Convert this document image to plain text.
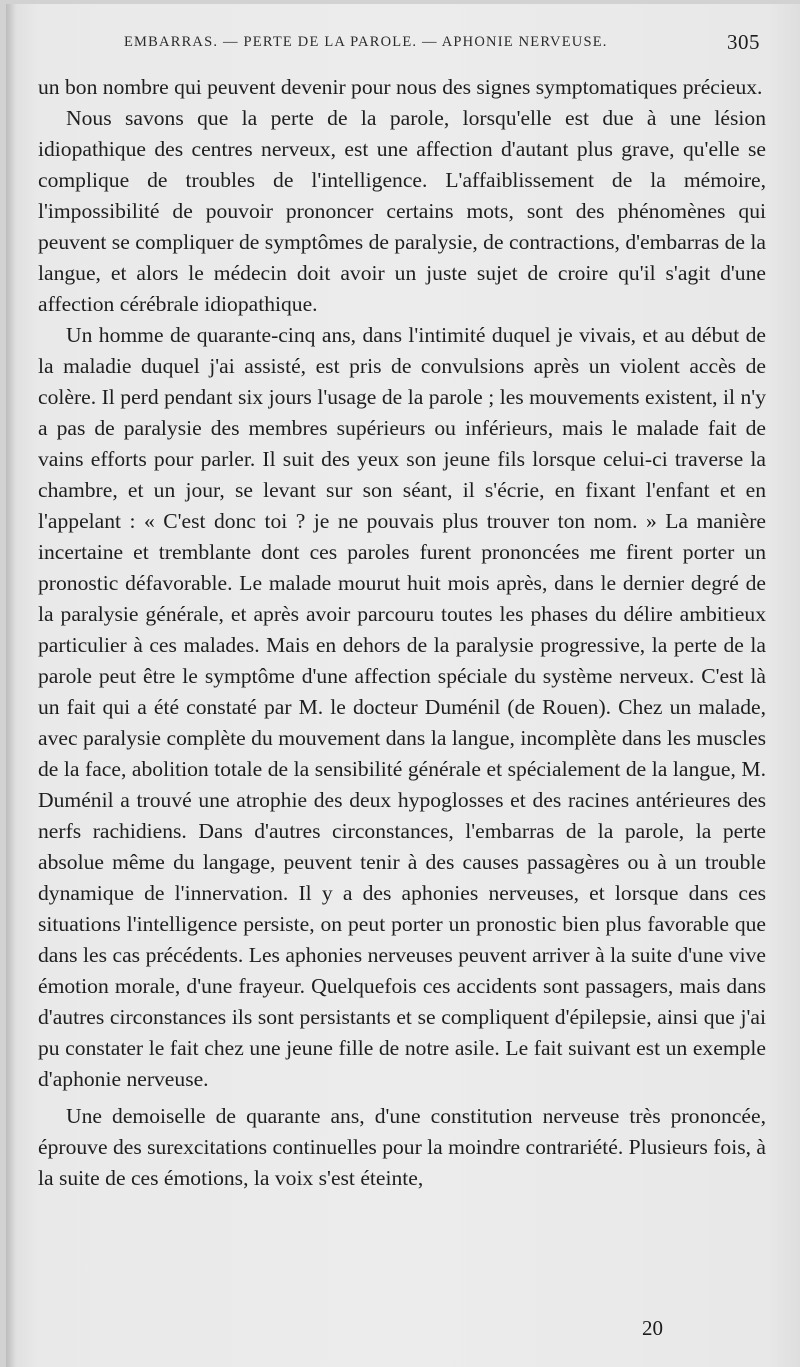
EMBARRAS. — PERTE DE LA PAROLE. — APHONIE NERVEUSE.	305

un bon nombre qui peuvent devenir pour nous des signes symptomatiques précieux.

Nous savons que la perte de la parole, lorsqu'elle est due à une lésion idiopathique des centres nerveux, est une affection d'autant plus grave, qu'elle se complique de troubles de l'intelligence. L'affaiblissement de la mémoire, l'impossibilité de pouvoir prononcer certains mots, sont des phénomènes qui peuvent se compliquer de symptômes de paralysie, de contractions, d'embarras de la langue, et alors le médecin doit avoir un juste sujet de croire qu'il s'agit d'une affection cérébrale idiopathique.

Un homme de quarante-cinq ans, dans l'intimité duquel je vivais, et au début de la maladie duquel j'ai assisté, est pris de convulsions après un violent accès de colère. Il perd pendant six jours l'usage de la parole ; les mouvements existent, il n'y a pas de paralysie des membres supérieurs ou inférieurs, mais le malade fait de vains efforts pour parler. Il suit des yeux son jeune fils lorsque celui-ci traverse la chambre, et un jour, se levant sur son séant, il s'écrie, en fixant l'enfant et en l'appelant : « C'est donc toi ? je ne pouvais plus trouver ton nom. » La manière incertaine et tremblante dont ces paroles furent prononcées me firent porter un pronostic défavorable. Le malade mourut huit mois après, dans le dernier degré de la paralysie générale, et après avoir parcouru toutes les phases du délire ambitieux particulier à ces malades. Mais en dehors de la paralysie progressive, la perte de la parole peut être le symptôme d'une affection spéciale du système nerveux. C'est là un fait qui a été constaté par M. le docteur Duménil (de Rouen). Chez un malade, avec paralysie complète du mouvement dans la langue, incomplète dans les muscles de la face, abolition totale de la sensibilité générale et spécialement de la langue, M. Duménil a trouvé une atrophie des deux hypoglosses et des racines antérieures des nerfs rachidiens. Dans d'autres circonstances, l'embarras de la parole, la perte absolue même du langage, peuvent tenir à des causes passagères ou à un trouble dynamique de l'innervation. Il y a des aphonies nerveuses, et lorsque dans ces situations l'intelligence persiste, on peut porter un pronostic bien plus favorable que dans les cas précédents. Les aphonies nerveuses peuvent arriver à la suite d'une vive émotion morale, d'une frayeur. Quelquefois ces accidents sont passagers, mais dans d'autres circonstances ils sont persistants et se compliquent d'épilepsie, ainsi que j'ai pu constater le fait chez une jeune fille de notre asile. Le fait suivant est un exemple d'aphonie nerveuse.

Une demoiselle de quarante ans, d'une constitution nerveuse très prononcée, éprouve des surexcitations continuelles pour la moindre contrariété. Plusieurs fois, à la suite de ces émotions, la voix s'est éteinte,

20
